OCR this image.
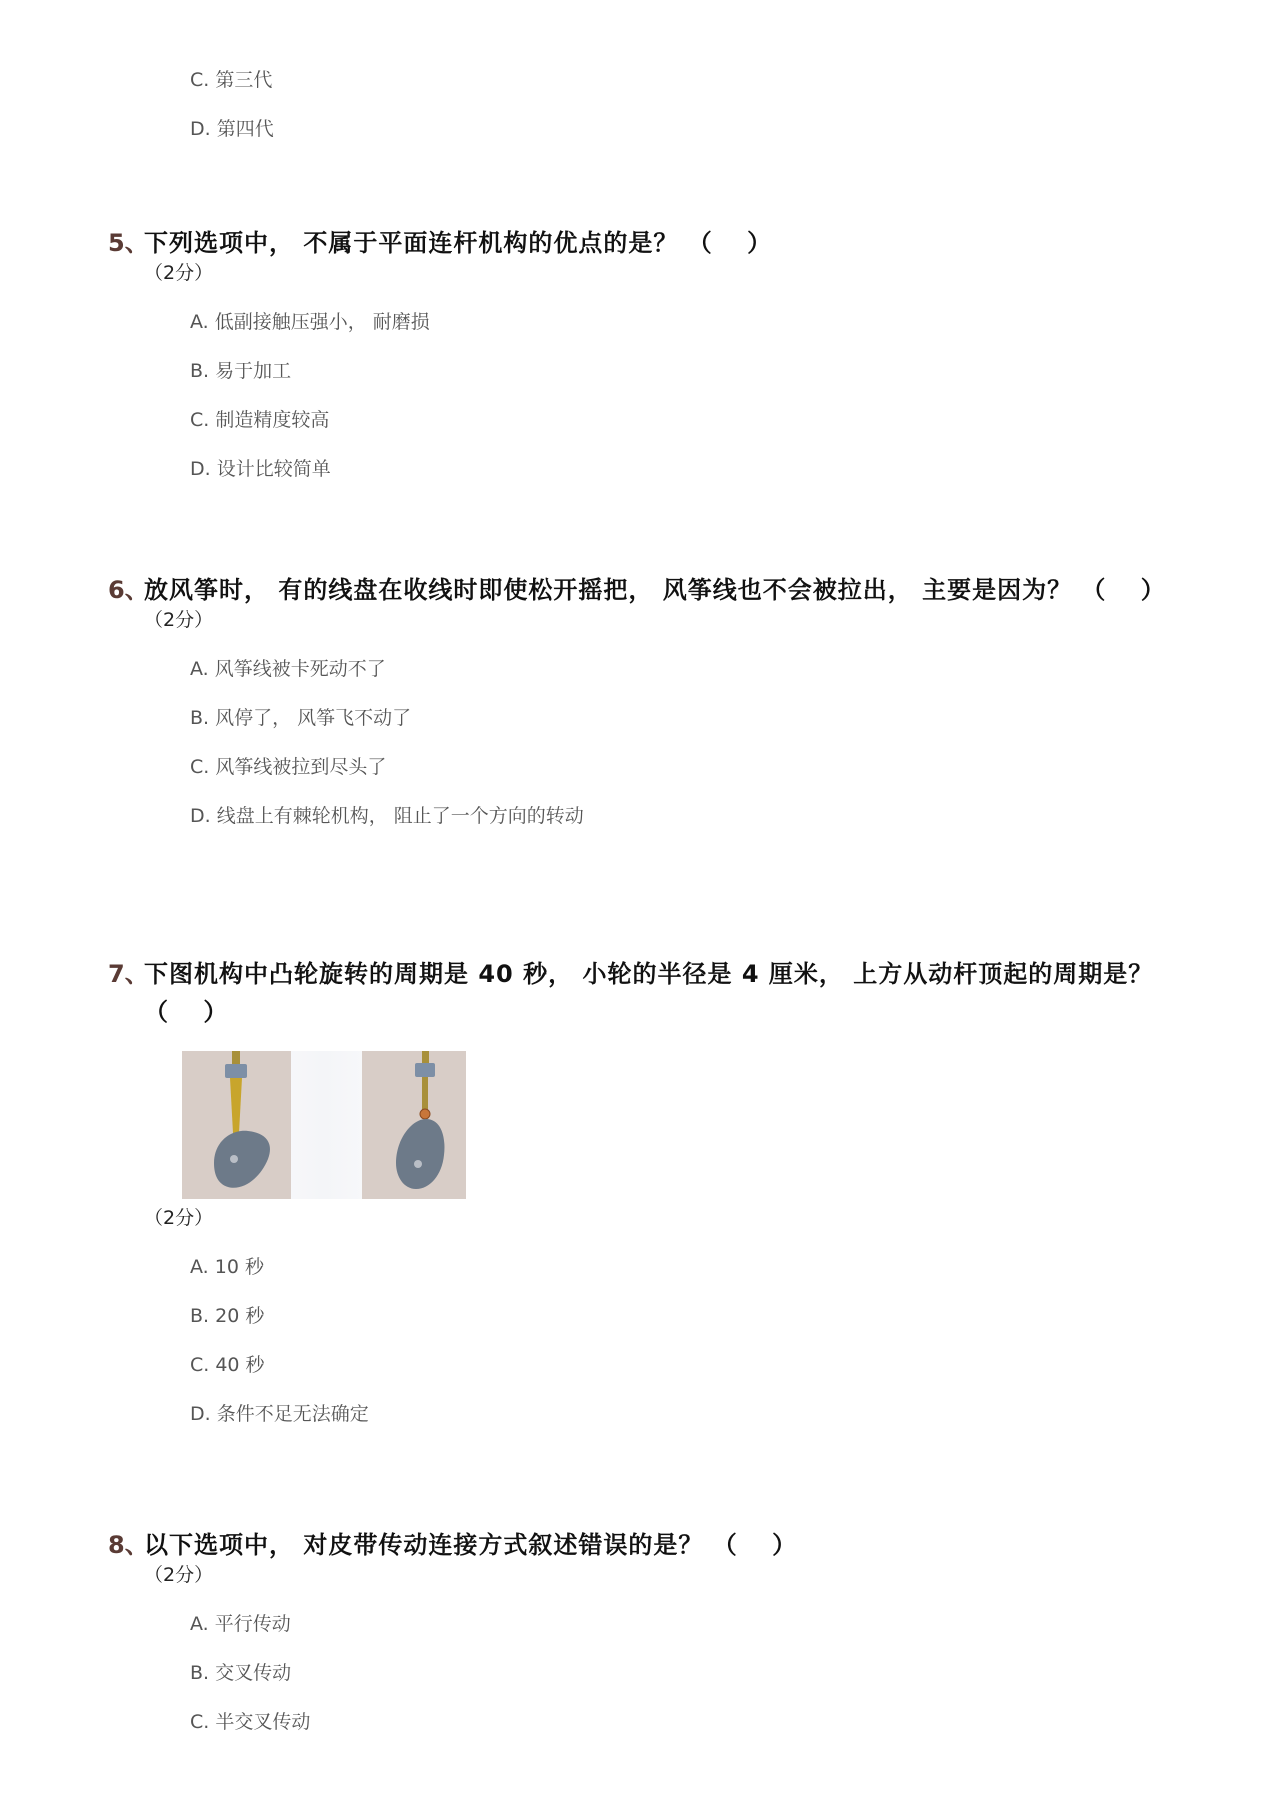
C. 第三代
D. 第四代
5、
下列选项中， 不属于平面连杆机构的优点的是？ （　 ）
（2分）
A. 低副接触压强小， 耐磨损
B. 易于加工
C. 制造精度较高
D. 设计比较简单
6、
放风筝时， 有的线盘在收线时即使松开摇把， 风筝线也不会被拉出， 主要是因为？ （　 ）
（2分）
A. 风筝线被卡死动不了
B. 风停了， 风筝飞不动了
C. 风筝线被拉到尽头了
D. 线盘上有棘轮机构， 阻止了一个方向的转动
7、
下图机构中凸轮旋转的周期是 40 秒， 小轮的半径是 4 厘米， 上方从动杆顶起的周期是？ （　 ）
（2分）
A. 10 秒
B. 20 秒
C. 40 秒
D. 条件不足无法确定
8、
以下选项中， 对皮带传动连接方式叙述错误的是？ （　 ）
（2分）
A. 平行传动
B. 交叉传动
C. 半交叉传动
